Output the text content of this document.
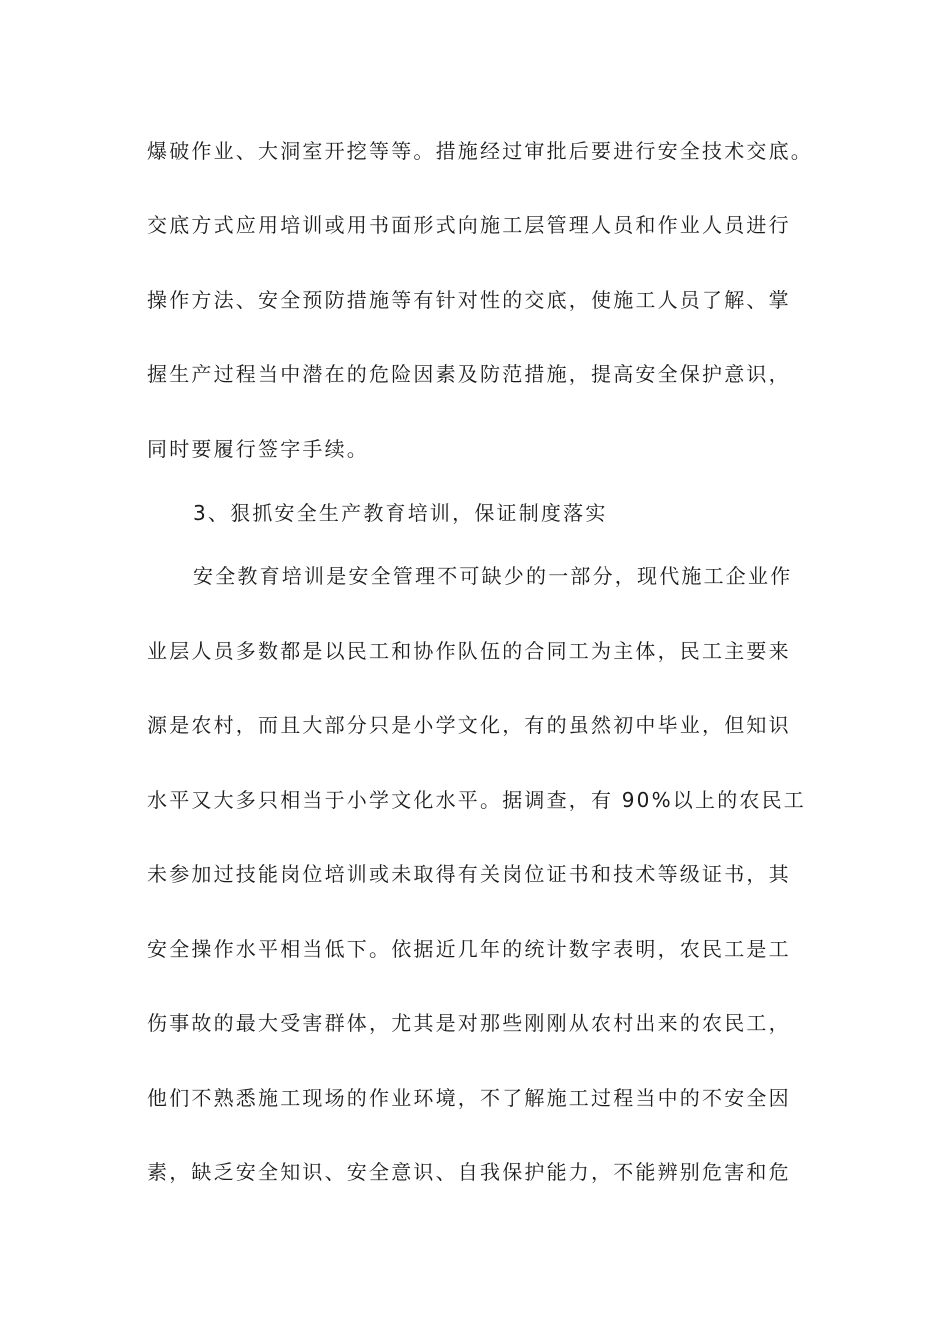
爆破作业、大洞室开挖等等。措施经过审批后要进行安全技术交底。
交底方式应用培训或用书面形式向施工层管理人员和作业人员进行
操作方法、安全预防措施等有针对性的交底，使施工人员了解、掌
握生产过程当中潜在的危险因素及防范措施，提高安全保护意识，
同时要履行签字手续。
3、狠抓安全生产教育培训，保证制度落实
安全教育培训是安全管理不可缺少的一部分，现代施工企业作
业层人员多数都是以民工和协作队伍的合同工为主体，民工主要来
源是农村，而且大部分只是小学文化，有的虽然初中毕业，但知识
水平又大多只相当于小学文化水平。据调查，有 90%以上的农民工
未参加过技能岗位培训或未取得有关岗位证书和技术等级证书，其
安全操作水平相当低下。依据近几年的统计数字表明，农民工是工
伤事故的最大受害群体，尤其是对那些刚刚从农村出来的农民工，
他们不熟悉施工现场的作业环境，不了解施工过程当中的不安全因
素，缺乏安全知识、安全意识、自我保护能力，不能辨别危害和危
